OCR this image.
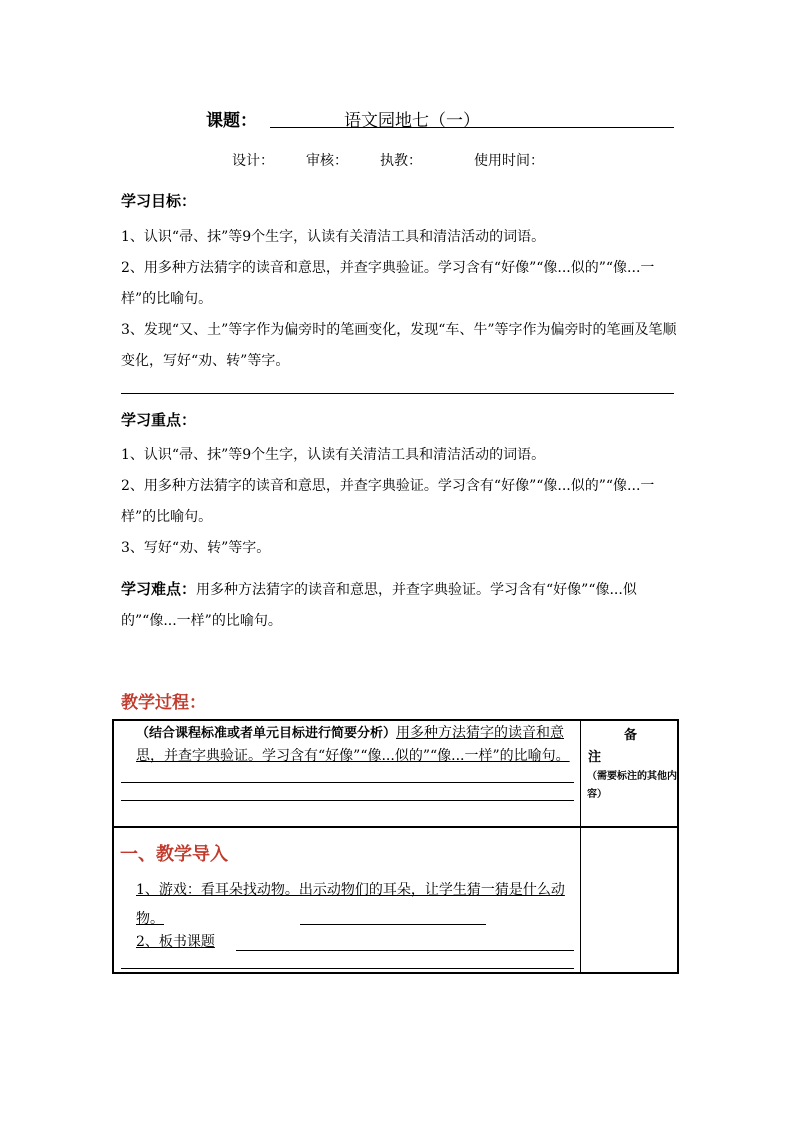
课题：	语文园地七（一）
设计： 审核： 执教：	使用时间：
学习目标：

1、认识“帚、抹”等9个生字，认读有关清洁工具和清洁活动的词语。

2、用多种方法猜字的读音和意思，并查字典验证。学习含有“好像”“像...似的”“像...一样”的比喻句。

3、发现“又、土”等字作为偏旁时的笔画变化，发现“车、牛”等字作为偏旁时的笔画及笔顺变化，写好“劝、转”等字。

学习重点：

1、认识“帚、抹”等9个生字，认读有关清洁工具和清洁活动的词语。

2、用多种方法猜字的读音和意思，并查字典验证。学习含有“好像”“像...似的”“像...一样”的比喻句。

3、写好“劝、转”等字。

学习难点：用多种方法猜字的读音和意思，并查字典验证。学习含有“好像”“像...似的”“像...一样”的比喻句。

教学过程：
（结合课程标准或者单元目标进行简要分析）用多种方法猜字的读音和意思，并查字典验证。学习含有“好像”“像...似的”“像...一样”的比喻句。
备
注
（需要标注的其他内容）
一、教学导入
1、游戏：看耳朵找动物。出示动物们的耳朵，让学生猜一猜是什么动物。
2、板书课题
